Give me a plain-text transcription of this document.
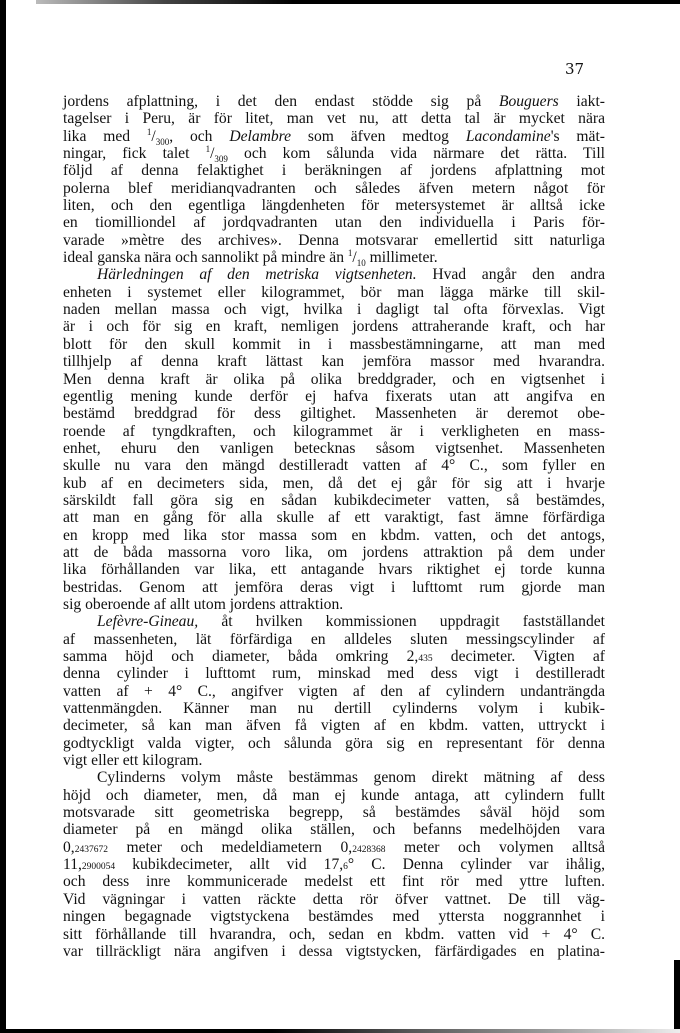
37
jordens afplattning, i det den endast stödde sig på Bouguers iakt-
tagelser i Peru, är för litet, man vet nu, att detta tal är mycket nära
lika med $^1/_{300}$, och Delambre som äfven medtog Lacondamine's mät-
ningar, fick talet $^1/_{309}$ och kom sålunda vida närmare det rätta. Till
följd af denna felaktighet i beräkningen af jordens afplattning mot
polerna blef meridianqvadranten och således äfven metern något för
liten, och den egentliga längdenheten för metersystemet är alltså icke
en tiomilliondel af jordqvadranten utan den individuella i Paris för-
varade »mètre des archives». Denna motsvarar emellertid sitt naturliga
ideal ganska nära och sannolikt på mindre än $^1/_{10}$ millimeter.
Härledningen af den metriska vigtsenheten. Hvad angår den andra
enheten i systemet eller kilogrammet, bör man lägga märke till skil-
naden mellan massa och vigt, hvilka i dagligt tal ofta förvexlas. Vigt
är i och för sig en kraft, nemligen jordens attraherande kraft, och har
blott för den skull kommit in i massbestämningarne, att man med
tillhjelp af denna kraft lättast kan jemföra massor med hvarandra.
Men denna kraft är olika på olika breddgrader, och en vigtsenhet i
egentlig mening kunde derför ej hafva fixerats utan att angifva en
bestämd breddgrad för dess giltighet. Massenheten är deremot obe-
roende af tyngdkraften, och kilogrammet är i verkligheten en mass-
enhet, ehuru den vanligen betecknas såsom vigtsenhet. Massenheten
skulle nu vara den mängd destilleradt vatten af 4° C., som fyller en
kub af en decimeters sida, men, då det ej går för sig att i hvarje
särskildt fall göra sig en sådan kubikdecimeter vatten, så bestämdes,
att man en gång för alla skulle af ett varaktigt, fast ämne förfärdiga
en kropp med lika stor massa som en kbdm. vatten, och det antogs,
att de båda massorna voro lika, om jordens attraktion på dem under
lika förhållanden var lika, ett antagande hvars riktighet ej torde kunna
bestridas. Genom att jemföra deras vigt i lufttomt rum gjorde man
sig oberoende af allt utom jordens attraktion.
Lefèvre-Gineau, åt hvilken kommissionen uppdragit fastställandet
af massenheten, lät förfärdiga en alldeles sluten messingscylinder af
samma höjd och diameter, båda omkring 2,435 decimeter. Vigten af
denna cylinder i lufttomt rum, minskad med dess vigt i destilleradt
vatten af + 4° C., angifver vigten af den af cylindern undanträngda
vattenmängden. Känner man nu dertill cylinderns volym i kubik-
decimeter, så kan man äfven få vigten af en kbdm. vatten, uttryckt i
godtyckligt valda vigter, och sålunda göra sig en representant för denna
vigt eller ett kilogram.
Cylinderns volym måste bestämmas genom direkt mätning af dess
höjd och diameter, men, då man ej kunde antaga, att cylindern fullt
motsvarade sitt geometriska begrepp, så bestämdes såväl höjd som
diameter på en mängd olika ställen, och befanns medelhöjden vara
0,2437672 meter och medeldiametern 0,2428368 meter och volymen alltså
11,2900054 kubikdecimeter, allt vid 17,6° C. Denna cylinder var ihålig,
och dess inre kommunicerade medelst ett fint rör med yttre luften.
Vid vägningar i vatten räckte detta rör öfver vattnet. De till väg-
ningen begagnade vigtstyckena bestämdes med yttersta noggrannhet i
sitt förhållande till hvarandra, och, sedan en kbdm. vatten vid + 4° C.
var tillräckligt nära angifven i dessa vigtstycken, färfärdigades en platina-
